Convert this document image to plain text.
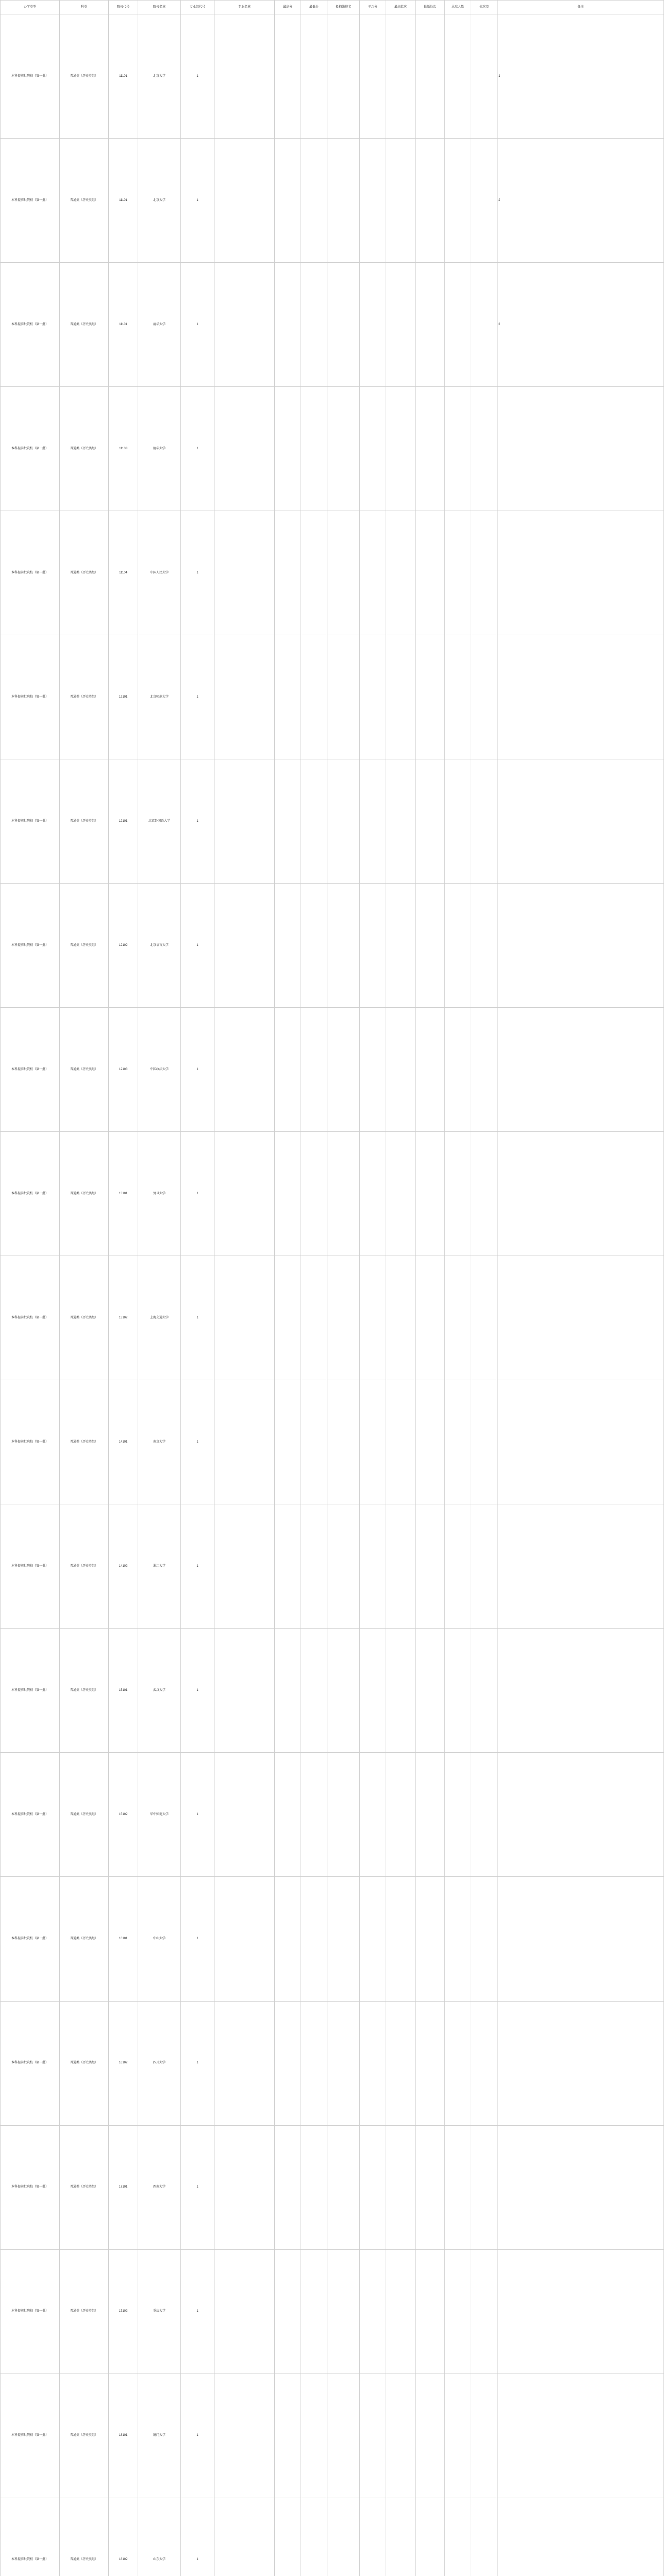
办学类型	科类	院校代号	院校名称	专业组代号	专业名称	最高分	最低分	投档线排名	平均分	最高位次	最低位次	录取人数	位次差	备注
本科提前批院校（第一批）	普通类（历史类组）	11101	北京大学	1										1
本科提前批院校（第一批）	普通类（历史类组）	11101	北京大学	1										2
本科提前批院校（第一批）	普通类（历史类组）	11101	清华大学	1										3
本科提前批院校（第一批）	普通类（历史类组）	11103	清华大学	1										
本科提前批院校（第一批）	普通类（历史类组）	11104	中国人民大学	1										
本科提前批院校（第一批）	普通类（历史类组）	12101	北京师范大学	1										
本科提前批院校（第一批）	普通类（历史类组）	12101	北京外国语大学	1										
本科提前批院校（第一批）	普通类（历史类组）	12102	北京语言大学	1										
本科提前批院校（第一批）	普通类（历史类组）	12103	中国政法大学	1										
本科提前批院校（第一批）	普通类（历史类组）	13101	复旦大学	1										
本科提前批院校（第一批）	普通类（历史类组）	13102	上海交通大学	1										
本科提前批院校（第一批）	普通类（历史类组）	14101	南京大学	1										
本科提前批院校（第一批）	普通类（历史类组）	14102	浙江大学	1										
本科提前批院校（第一批）	普通类（历史类组）	15101	武汉大学	1										
本科提前批院校（第一批）	普通类（历史类组）	15102	华中师范大学	1										
本科提前批院校（第一批）	普通类（历史类组）	16101	中山大学	1										
本科提前批院校（第一批）	普通类（历史类组）	16102	四川大学	1										
本科提前批院校（第一批）	普通类（历史类组）	17101	西南大学	1										
本科提前批院校（第一批）	普通类（历史类组）	17102	重庆大学	1										
本科提前批院校（第一批）	普通类（历史类组）	18101	厦门大学	1										
本科提前批院校（第一批）	普通类（历史类组）	18102	山东大学	1										
